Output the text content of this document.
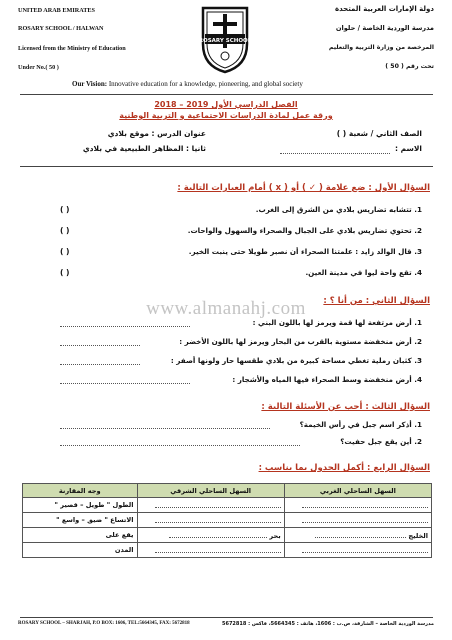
UNITED ARAB EMIRATES
ROSARY SCHOOL / HALWAN
Licensed from the Ministry of Education
Under No.( 50 )
ROSARY SCHOOL
دولة الإمارات العربية المتحدة
مدرسة الوردية الخاصة / حلوان
المرخصة من وزارة التربية والتعليم
تحت رقم ( 50 )
Our Vision: Innovative education for a knowledge, pioneering, and global society
الفصل الدراسي الأول 2019 – 2018
ورقة عمل لمادة الدراسات الاجتماعية و التربية الوطنية
الصف الثاني / شعبة ( )
عنوان الدرس : موقع بلادي
الاسم :
ثانيا : المظاهر الطبيعية في بلادي
السؤال الأول : ضع علامة ( ✓ ) أو ( x ) أمام العبارات التالية :
1. تتشابه تضاريس بلادي من الشرق إلى الغرب.
( )
2. تحتوي تضاريس بلادي على الجبال والصحراء والسهول والواحات.
( )
3. قال الوالد زايد : علمتنا الصحراء أن نصبر طويلا حتى ينبت الخير.
( )
4. تقع واحة ليوا في مدينة العين.
( )
www.almanahj.com	السؤال الثاني : من أنا ؟ :
1. أرض مرتفعة لها قمة ويرمز لها باللون البني :
2. أرض منخفضة مستوية بالقرب من البحار ويرمز لها باللون الأخضر :
3. كثبان رملية تغطي مساحة كبيرة من بلادي طقسها حار ولونها أصفر :
4. أرض منخفضة وسط الصحراء فيها المياه والأشجار :
السؤال الثالث : أجب عن الأسئلة التالية :
1. أذكر اسم جبل في رأس الخيمة؟
2. أين يقع جبل حفيت؟
السؤال الرابع : أكمل الجدول بما يناسب :
وجه المقارنة	السهل الساحلي الشرقي	السهل الساحلي الغربي
الطول " طويل – قصير "		
الاتساع " ضيق – واسع "		
يقع على	بحر	الخليج
المدن		
ROSARY SCHOOL – SHARJAH, P.O BOX: 1606, TEL:5664345, FAX: 5672818	مدرسة الوردية الخاصة – الشارقة، ص.ب : 1606، هاتف : 5664345، فاكس : 5672818
